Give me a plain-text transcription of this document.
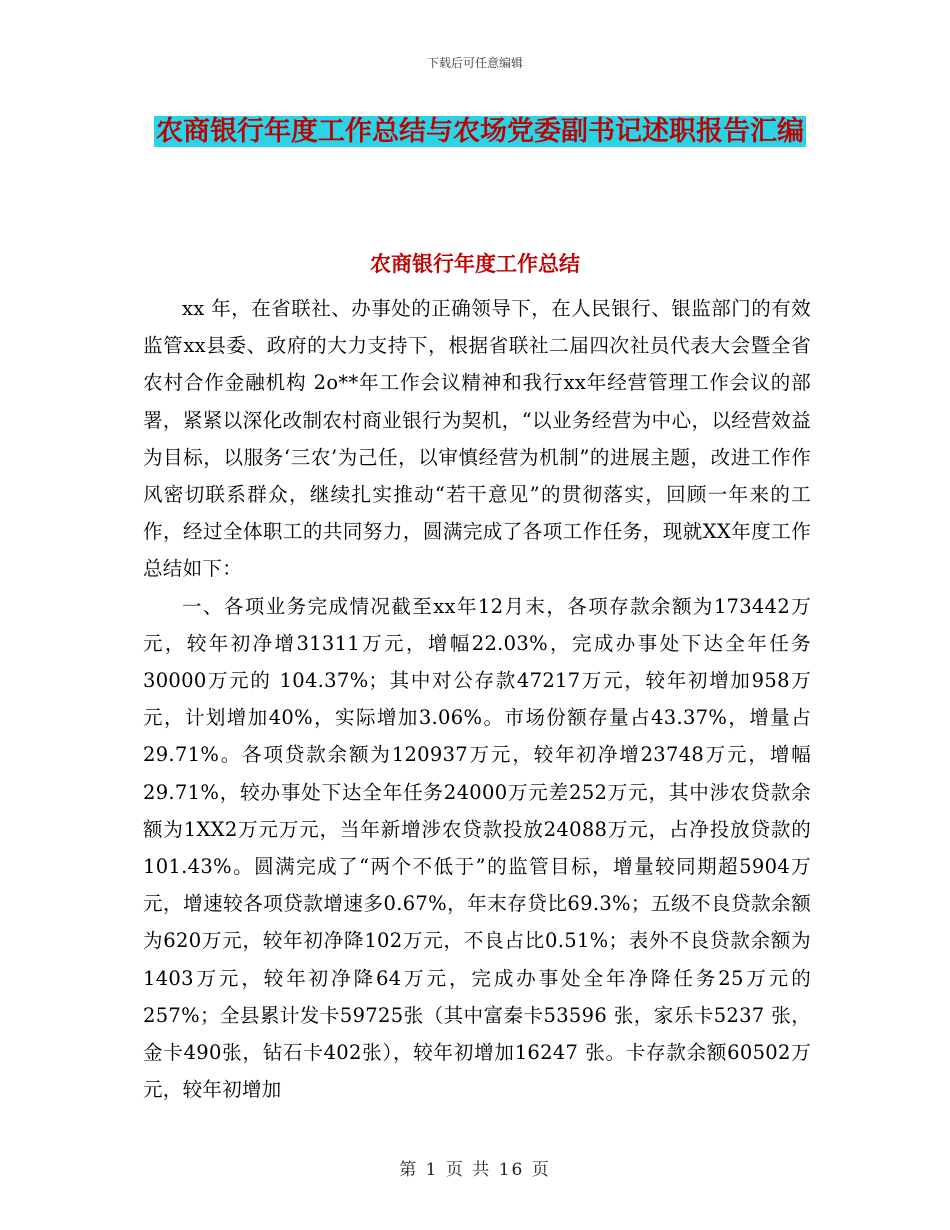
下载后可任意编辑
农商银行年度工作总结与农场党委副书记述职报告汇编
农商银行年度工作总结

xx 年，在省联社、办事处的正确领导下，在人民银行、银监部门的有效监管xx县委、政府的大力支持下，根据省联社二届四次社员代表大会暨全省农村合作金融机构 2o**年工作会议精神和我行xx年经营管理工作会议的部署，紧紧以深化改制农村商业银行为契机，“以业务经营为中心，以经营效益为目标，以服务‘三农’为己任，以审慎经营为机制”的进展主题，改进工作作风密切联系群众，继续扎实推动“若干意见”的贯彻落实，回顾一年来的工作，经过全体职工的共同努力，圆满完成了各项工作任务，现就XX年度工作总结如下：

一、各项业务完成情况截至xx年12月末，各项存款余额为173442万元，较年初净增31311万元，增幅22.03%，完成办事处下达全年任务30000万元的 104.37%；其中对公存款47217万元，较年初增加958万元，计划增加40%，实际增加3.06%。市场份额存量占43.37%，增量占 29.71%。各项贷款余额为120937万元，较年初净增23748万元，增幅29.71%，较办事处下达全年任务24000万元差252万元，其中涉农贷款余额为1XX2万元万元，当年新增涉农贷款投放24088万元，占净投放贷款的101.43%。圆满完成了“两个不低于”的监管目标，增量较同期超5904万元，增速较各项贷款增速多0.67%，年末存贷比69.3%；五级不良贷款余额为620万元，较年初净降102万元，不良占比0.51%；表外不良贷款余额为1403万元，较年初净降64万元，完成办事处全年净降任务25万元的257%；全县累计发卡59725张（其中富秦卡53596 张，家乐卡5237 张，金卡490张，钻石卡402张），较年初增加16247 张。卡存款余额60502万元，较年初增加

第 1 页 共 16 页
